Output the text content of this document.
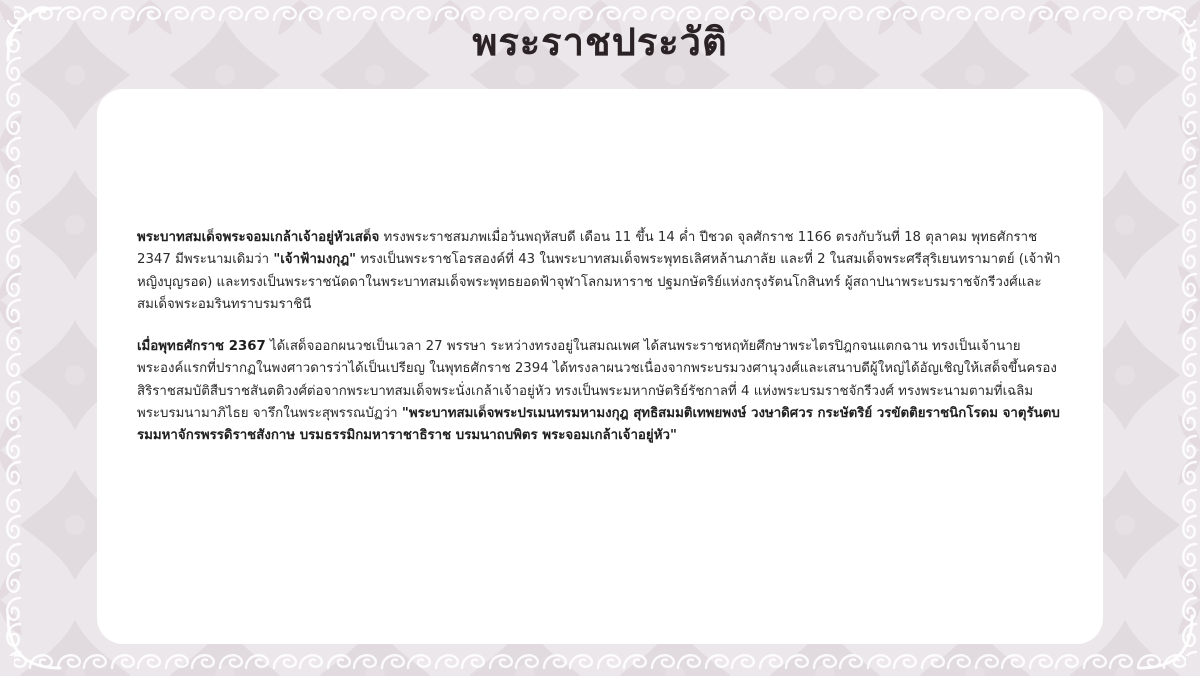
พระราชประวัติ

พระบาทสมเด็จพระจอมเกล้าเจ้าอยู่หัวเสด็จ ทรงพระราชสมภพเมื่อวันพฤหัสบดี เดือน 11 ขึ้น 14 ค่ำ ปีชวด จุลศักราช 1166 ตรงกับวันที่ 18 ตุลาคม พุทธศักราช 2347 มีพระนามเดิมว่า "เจ้าฟ้ามงกุฎ" ทรงเป็นพระราชโอรสองค์ที่ 43 ในพระบาทสมเด็จพระพุทธเลิศหล้านภาลัย และที่ 2 ในสมเด็จพระศรีสุริเยนทรามาตย์ (เจ้าฟ้าหญิงบุญรอด) และทรงเป็นพระราชนัดดาในพระบาทสมเด็จพระพุทธยอดฟ้าจุฬาโลกมหาราช ปฐมกษัตริย์แห่งกรุงรัตนโกสินทร์ ผู้สถาปนาพระบรมราชจักรีวงศ์และสมเด็จพระอมรินทราบรมราชินี

เมื่อพุทธศักราช 2367 ได้เสด็จออกผนวชเป็นเวลา 27 พรรษา ระหว่างทรงอยู่ในสมณเพศ ได้สนพระราชหฤทัยศึกษาพระไตรปิฎกจนแตกฉาน ทรงเป็นเจ้านายพระองค์แรกที่ปรากฏในพงศาวดารว่าได้เป็นเปรียญ ในพุทธศักราช 2394 ได้ทรงลาผนวชเนื่องจากพระบรมวงศานุวงศ์และเสนาบดีผู้ใหญ่ได้อัญเชิญให้เสด็จขึ้นครองสิริราชสมบัติสืบราชสันตติวงศ์ต่อจากพระบาทสมเด็จพระนั่งเกล้าเจ้าอยู่หัว ทรงเป็นพระมหากษัตริย์รัชกาลที่ 4 แห่งพระบรมราชจักรีวงศ์ ทรงพระนามตามที่เฉลิมพระบรมนามาภิไธย จารึกในพระสุพรรณบัฏว่า "พระบาทสมเด็จพระปรเมนทรมหามงกุฎ สุทธิสมมติเทพยพงษ์ วงษาดิศวร กระษัตริย์ วรขัตติยราชนิกโรดม จาตุรันตบรมมหาจักรพรรดิราชสังกาษ บรมธรรมิกมหาราชาธิราช บรมนาถบพิตร พระจอมเกล้าเจ้าอยู่หัว"
